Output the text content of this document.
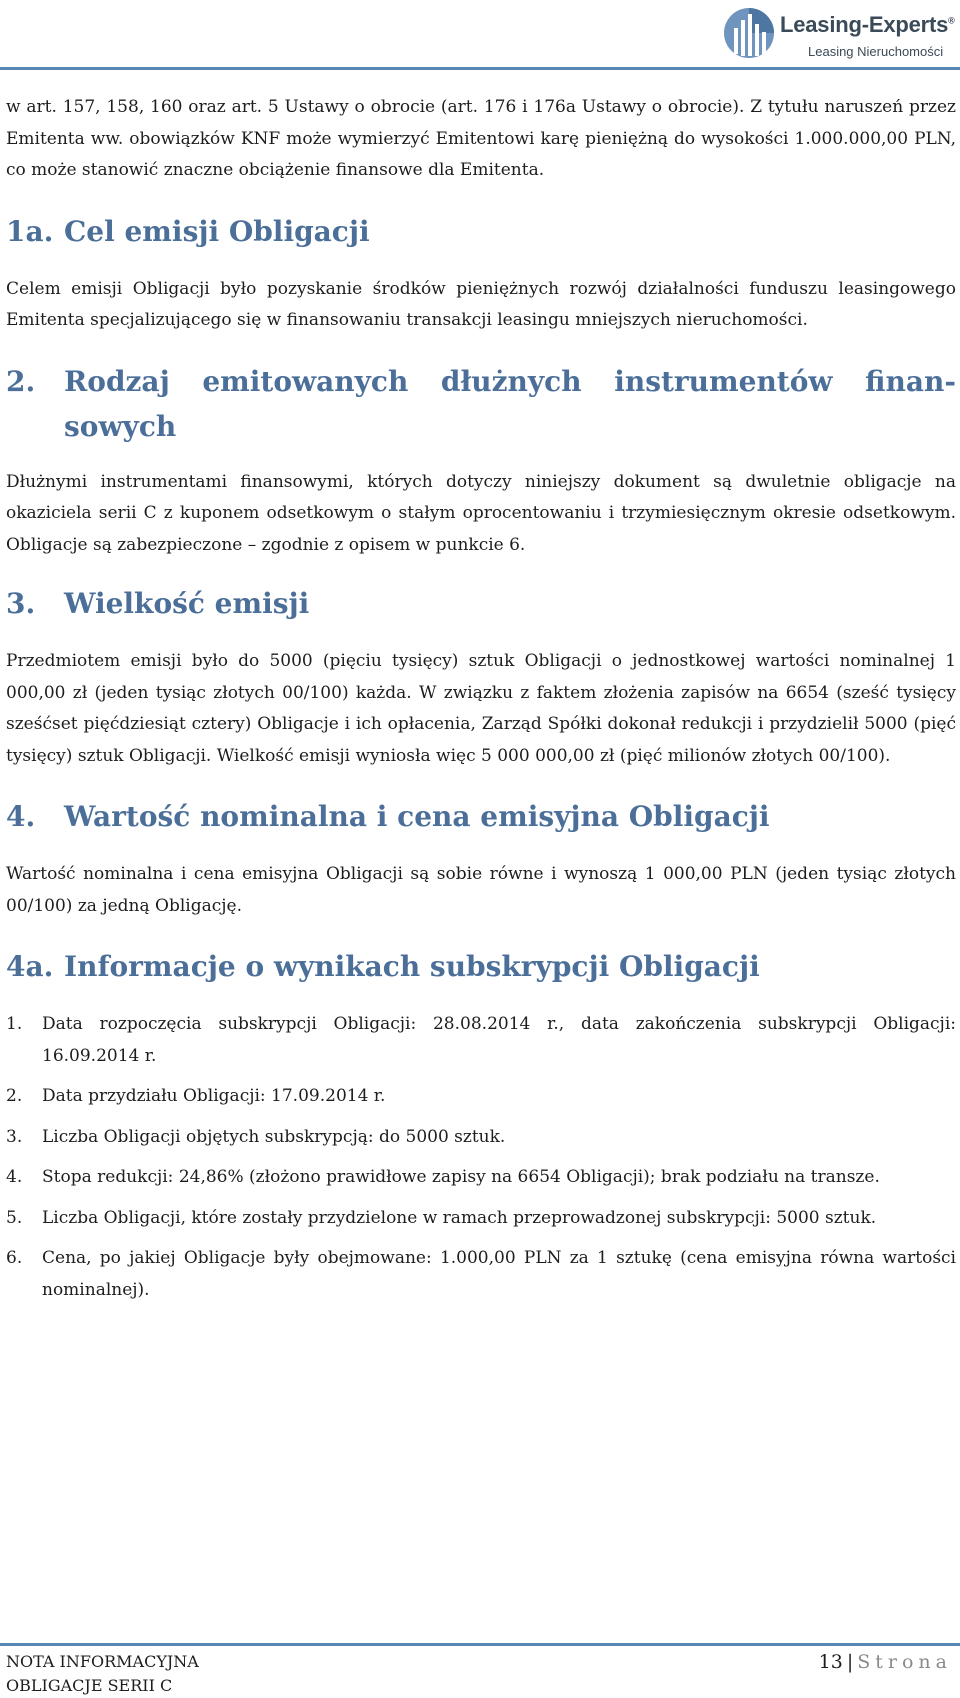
Leasing-Experts®
Leasing Nieruchomości

w art. 157, 158, 160 oraz art. 5 Ustawy o obrocie (art. 176 i 176a Ustawy o obrocie). Z tytułu naruszeń przez Emitenta ww. obowiązków KNF może wymierzyć Emitentowi karę pieniężną do wysokości 1.000.000,00 PLN, co może stanowić znaczne obciążenie finansowe dla Emitenta.

1a. Cel emisji Obligacji

Celem emisji Obligacji było pozyskanie środków pieniężnych rozwój działalności funduszu leasingowego Emitenta specjalizującego się w finansowaniu transakcji leasingu mniejszych nieruchomości.

2.	Rodzaj emitowanych dłużnych instrumentów finansowych

Dłużnymi instrumentami finansowymi, których dotyczy niniejszy dokument są dwuletnie obligacje na okaziciela serii C z kuponem odsetkowym o stałym oprocentowaniu i trzymiesięcznym okresie odsetkowym. Obligacje są zabezpieczone – zgodnie z opisem w punkcie 6.

3.	Wielkość emisji

Przedmiotem emisji było do 5000 (pięciu tysięcy) sztuk Obligacji o jednostkowej wartości nominalnej 1 000,00 zł (jeden tysiąc złotych 00/100) każda. W związku z faktem złożenia zapisów na 6654 (sześć tysięcy sześćset pięćdziesiąt cztery) Obligacje i ich opłacenia, Zarząd Spółki dokonał redukcji i przydzielił 5000 (pięć tysięcy) sztuk Obligacji. Wielkość emisji wyniosła więc 5 000 000,00 zł (pięć milionów złotych 00/100).

4.	Wartość nominalna i cena emisyjna Obligacji

Wartość nominalna i cena emisyjna Obligacji są sobie równe i wynoszą 1 000,00 PLN (jeden tysiąc złotych 00/100) za jedną Obligację.

4a. Informacje o wynikach subskrypcji Obligacji
1.	Data rozpoczęcia subskrypcji Obligacji: 28.08.2014 r., data zakończenia subskrypcji Obligacji: 16.09.2014 r.
2.	Data przydziału Obligacji: 17.09.2014 r.
3.	Liczba Obligacji objętych subskrypcją: do 5000 sztuk.
4.	Stopa redukcji: 24,86% (złożono prawidłowe zapisy na 6654 Obligacji); brak podziału na transze.
5.	Liczba Obligacji, które zostały przydzielone w ramach przeprowadzonej subskrypcji: 5000 sztuk.
6.	Cena, po jakiej Obligacje były obejmowane: 1.000,00 PLN za 1 sztukę (cena emisyjna równa wartości nominalnej).
NOTA INFORMACYJNA
OBLIGACJE SERII C
13 | Strona
